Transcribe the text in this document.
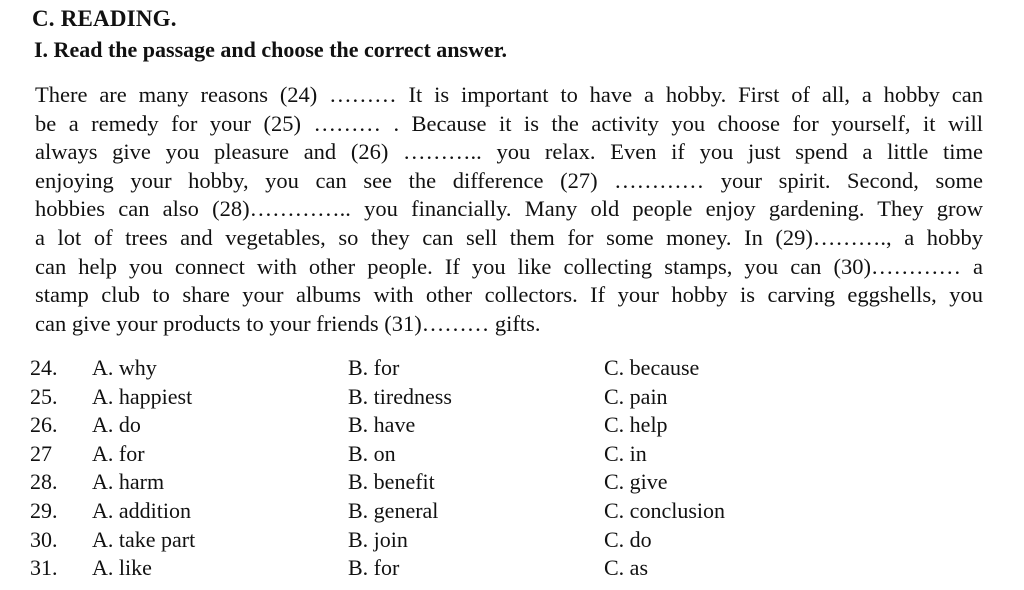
C. READING.
I. Read the passage and choose the correct answer.
There are many reasons (24) ……… It is important to have a hobby. First of all, a hobby can
be a remedy for your (25) ……… . Because it is the activity you choose for yourself, it will
always give you pleasure and (26) ……….. you relax. Even if you just spend a little time
enjoying your hobby, you can see the difference (27) ………… your spirit. Second, some
hobbies can also (28)………….. you financially. Many old people enjoy gardening. They grow
a lot of trees and vegetables, so they can sell them for some money. In (29)………., a hobby
can help you connect with other people. If you like collecting stamps, you can (30)………… a
stamp club to share your albums with other collectors. If your hobby is carving eggshells, you
can give your products to your friends (31)……… gifts.
24.	A. why	B. for	C. because
25.	A. happiest	B. tiredness	C. pain
26.	A. do	B. have	C. help
27	A. for	B. on	C. in
28.	A. harm	B. benefit	C. give
29.	A. addition	B. general	C. conclusion
30.	A. take part	B. join	C. do
31.	A. like	B. for	C. as
